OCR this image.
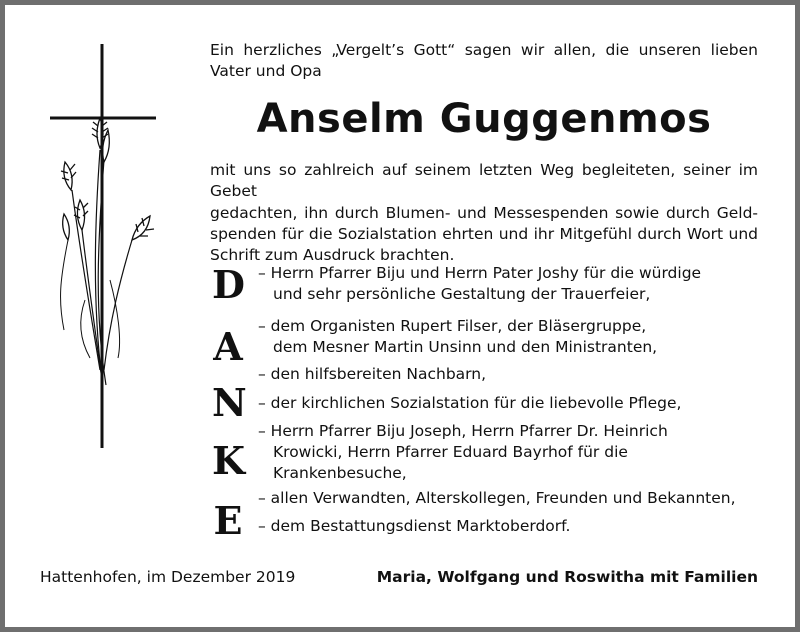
Ein herzliches „Vergelt’s Gott“ sagen wir allen, die unseren lieben
Vater und Opa
Anselm Guggenmos
mit uns so zahlreich auf seinem letzten Weg begleiteten, seiner im Gebet
gedachten, ihn durch Blumen- und Messespenden sowie durch Geld-
spenden für die Sozialstation ehrten und ihr Mitgefühl durch Wort und
Schrift zum Ausdruck brachten.
D
A
N
K
E
– Herrn Pfarrer Biju und Herrn Pater Joshy für die würdige
und sehr persönliche Gestaltung der Trauerfeier,
– dem Organisten Rupert Filser, der Bläsergruppe,
dem Mesner Martin Unsinn und den Ministranten,
– den hilfsbereiten Nachbarn,
– der kirchlichen Sozialstation für die liebevolle Pflege,
– Herrn Pfarrer Biju Joseph, Herrn Pfarrer Dr. Heinrich
Krowicki, Herrn Pfarrer Eduard Bayrhof für die
Krankenbesuche,
– allen Verwandten, Alterskollegen, Freunden und Bekannten,
– dem Bestattungsdienst Marktoberdorf.
Hattenhofen, im Dezember 2019	Maria, Wolfgang und Roswitha mit Familien
